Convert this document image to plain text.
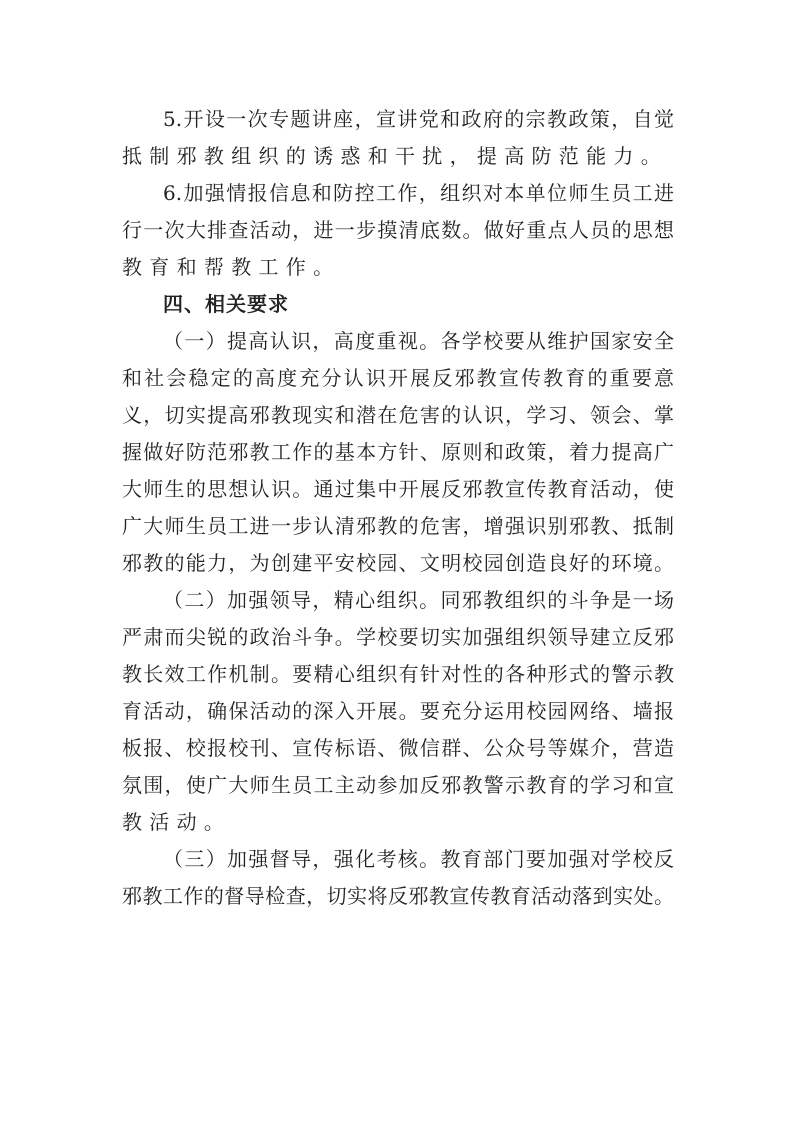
5.开设一次专题讲座，宣讲党和政府的宗教政策，自觉
抵制邪教组织的诱惑和干扰，提高防范能力。
6.加强情报信息和防控工作，组织对本单位师生员工进
行一次大排查活动，进一步摸清底数。做好重点人员的思想
教育和帮教工作。
四、相关要求
（一）提高认识，高度重视。各学校要从维护国家安全
和社会稳定的高度充分认识开展反邪教宣传教育的重要意
义，切实提高邪教现实和潜在危害的认识，学习、领会、掌
握做好防范邪教工作的基本方针、原则和政策，着力提高广
大师生的思想认识。通过集中开展反邪教宣传教育活动，使
广大师生员工进一步认清邪教的危害，增强识别邪教、抵制
邪教的能力，为创建平安校园、文明校园创造良好的环境。
（二）加强领导，精心组织。同邪教组织的斗争是一场
严肃而尖锐的政治斗争。学校要切实加强组织领导建立反邪
教长效工作机制。要精心组织有针对性的各种形式的警示教
育活动，确保活动的深入开展。要充分运用校园网络、墙报
板报、校报校刊、宣传标语、微信群、公众号等媒介，营造
氛围，使广大师生员工主动参加反邪教警示教育的学习和宣
教活动。
（三）加强督导，强化考核。教育部门要加强对学校反
邪教工作的督导检查，切实将反邪教宣传教育活动落到实处。
